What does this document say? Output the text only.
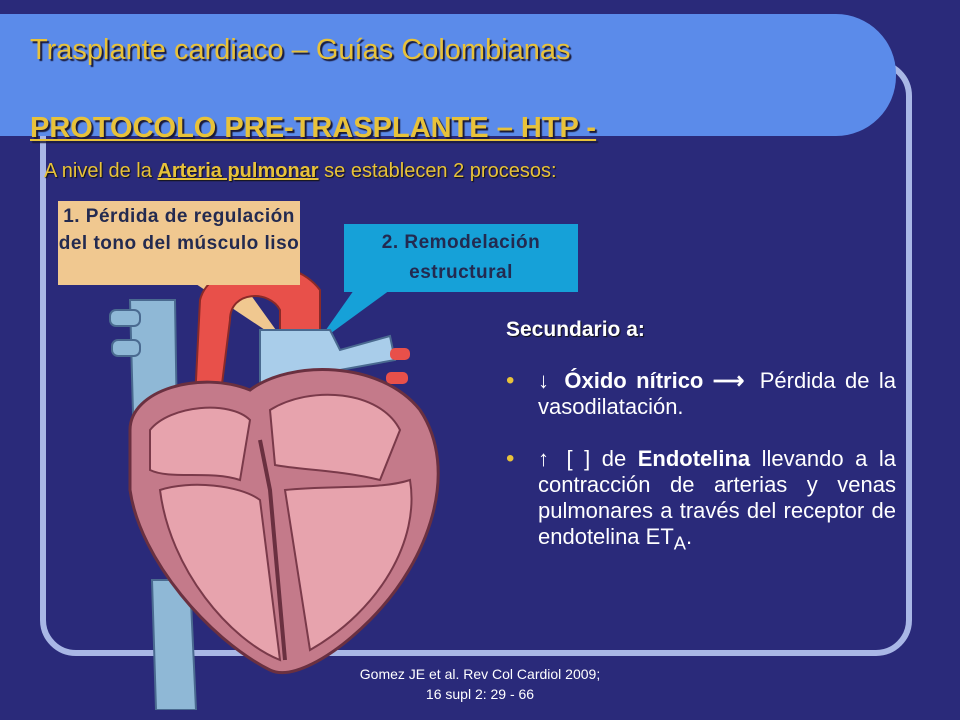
Trasplante cardiaco – Guías Colombianas
PROTOCOLO PRE-TRASPLANTE – HTP -
A nivel de la Arteria pulmonar se establecen 2 procesos:
1. Pérdida de regulación del tono del músculo liso	2. Remodelación estructural
Secundario a:
• ↓ Óxido nítrico ⟶ Pérdida de la vasodilatación.
• ↑ [ ] de Endotelina llevando a la contracción de arterias y venas pulmonares a través del receptor de endotelina $ET_A$.
Gomez JE et al. Rev Col Cardiol 2009;
16 supl 2: 29 - 66
